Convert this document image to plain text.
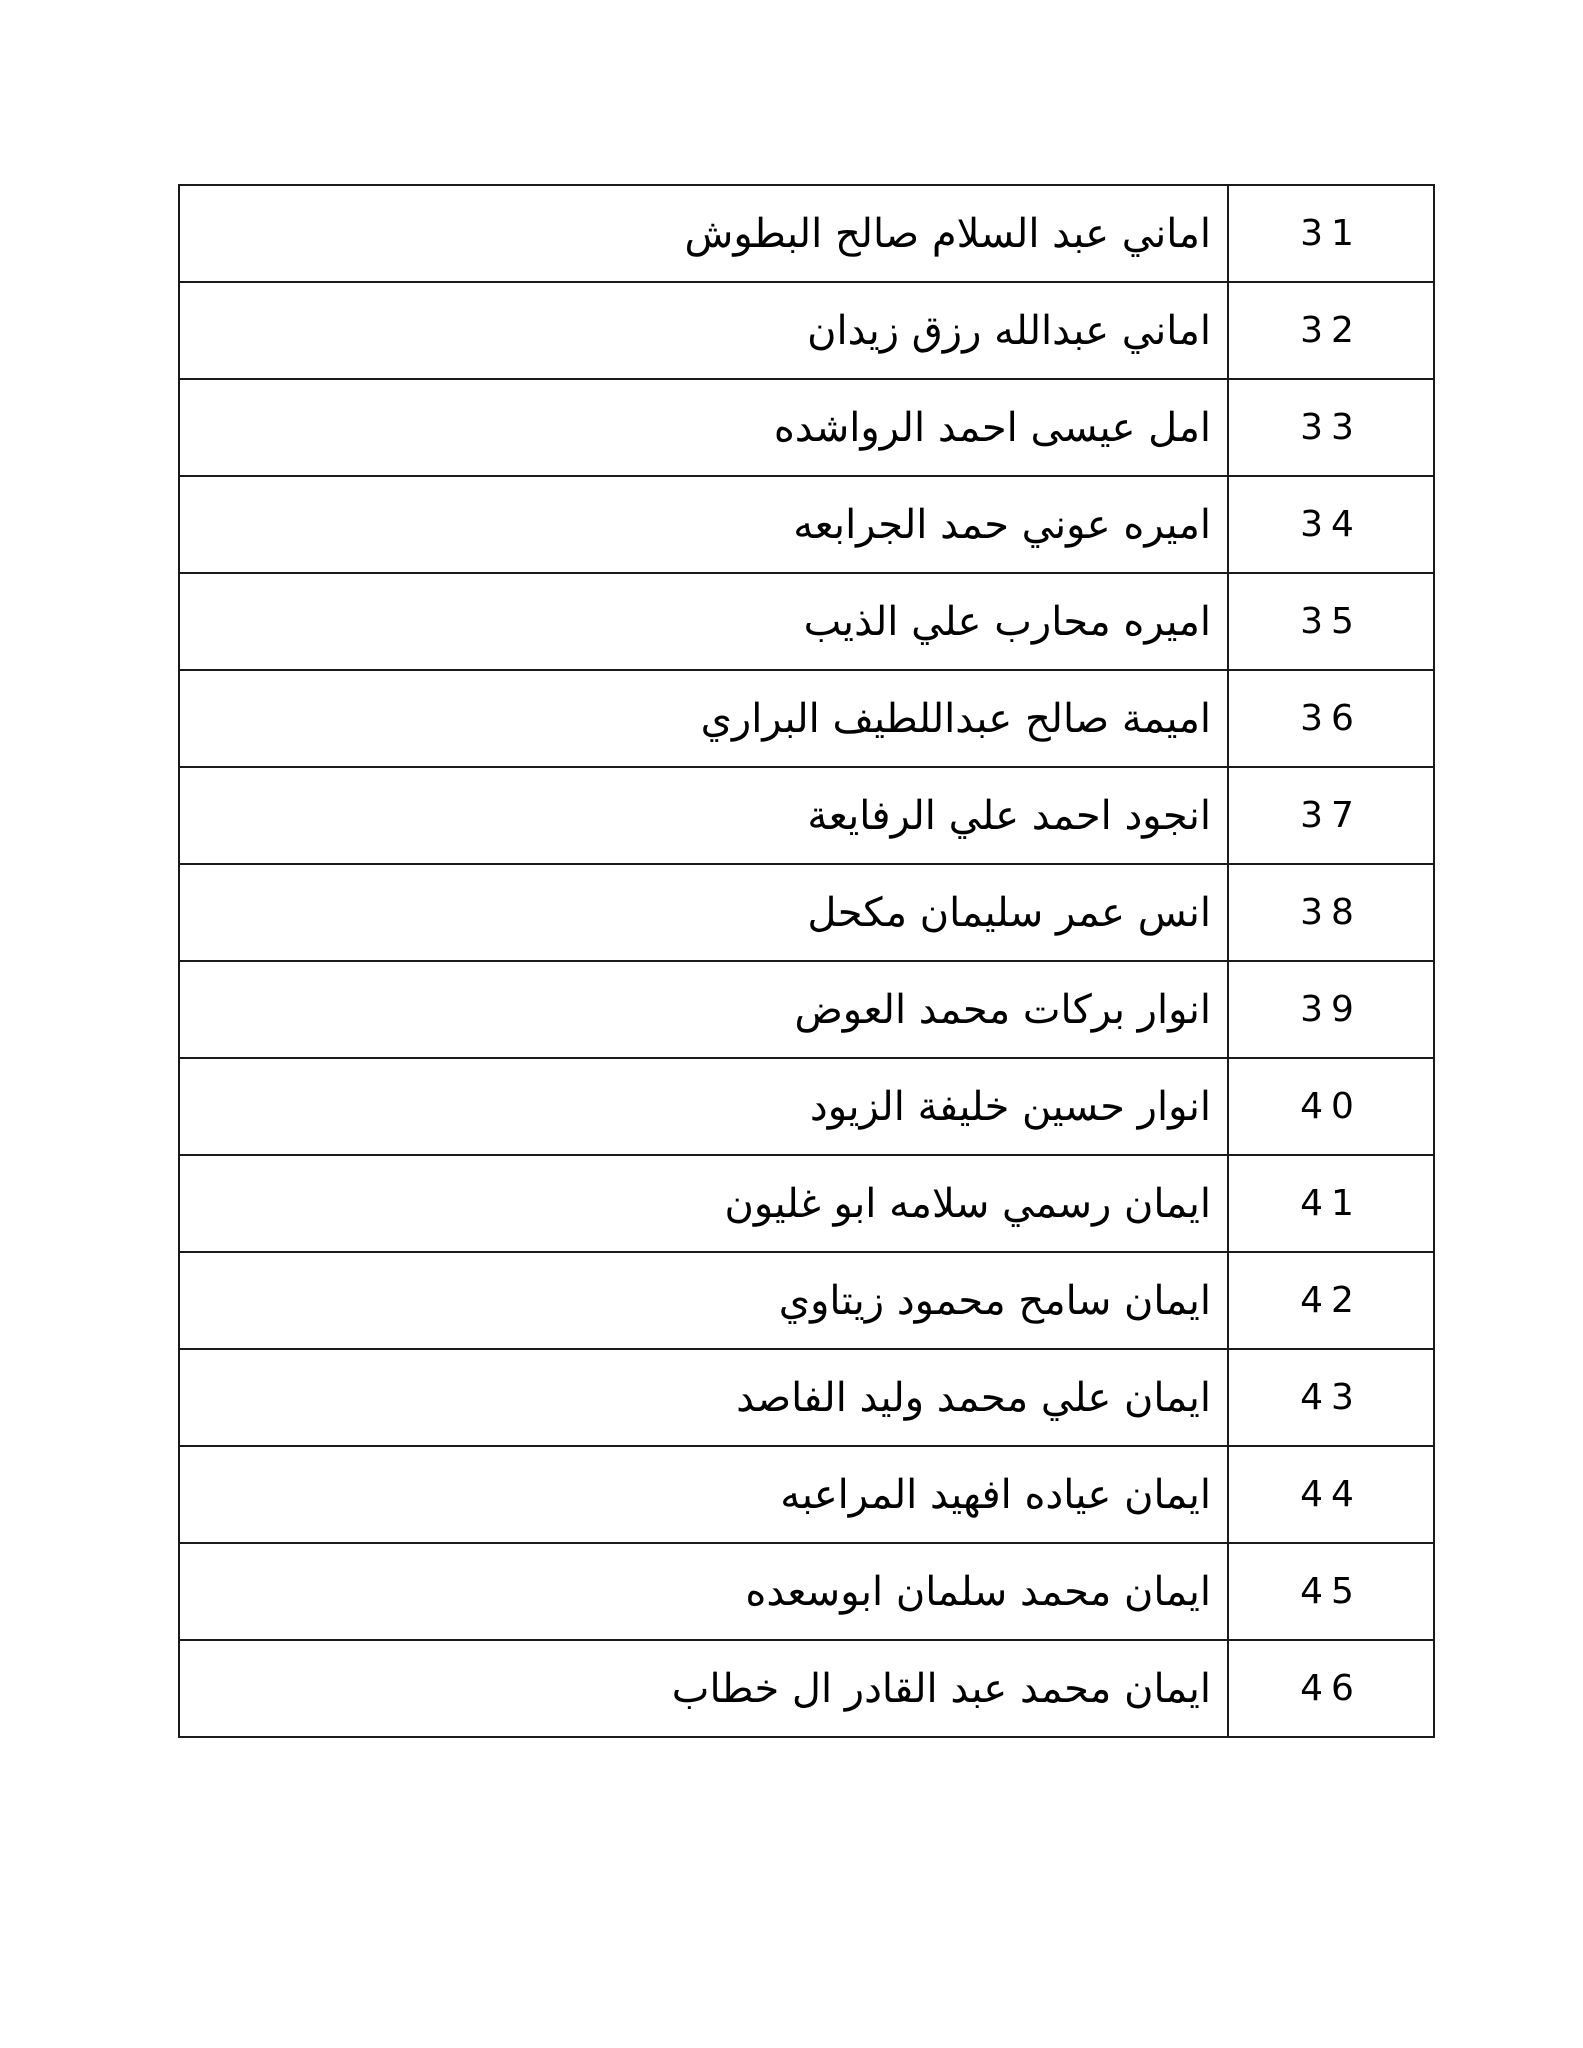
اماني عبد السلام صالح البطوش	31
اماني عبدالله رزق زيدان	32
امل عيسى احمد الرواشده	33
اميره عوني حمد الجرابعه	34
اميره محارب علي الذيب	35
اميمة صالح عبداللطيف البراري	36
انجود احمد علي الرفايعة	37
انس عمر سليمان مكحل	38
انوار بركات محمد العوض	39
انوار حسين خليفة الزيود	40
ايمان رسمي سلامه ابو غليون	41
ايمان سامح محمود زيتاوي	42
ايمان علي محمد وليد الفاصد	43
ايمان عياده افهيد المراعبه	44
ايمان محمد سلمان ابوسعده	45
ايمان محمد عبد القادر ال خطاب	46
